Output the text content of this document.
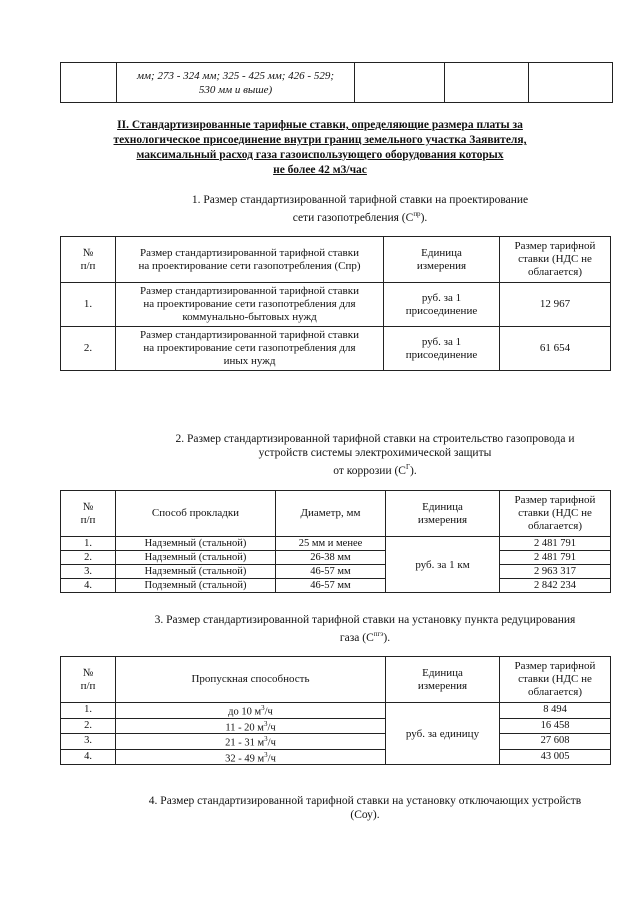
	мм; 273 - 324 мм; 325 - 425 мм; 426 - 529;
530 мм и выше)			
II. Стандартизированные тарифные ставки, определяющие размера платы за
технологическое присоединение внутри границ земельного участка Заявителя,
максимальный расход газа газоиспользующего оборудования которых
не более 42 м3/час
1. Размер стандартизированной тарифной ставки на проектирование
сети газопотребления $(С^{пр})$.
№
п/п	Размер стандартизированной тарифной ставки
на проектирование сети газопотребления (Спр)	Единица
измерения	Размер тарифной
ставки (НДС не
облагается)
1.	Размер стандартизированной тарифной ставки
на проектирование сети газопотребления для
коммунально-бытовых нужд	руб. за 1
присоединение	12 967
2.	Размер стандартизированной тарифной ставки
на проектирование сети газопотребления для
иных нужд	руб. за 1
присоединение	61 654
2. Размер стандартизированной тарифной ставки на строительство газопровода и
устройств системы электрохимической защиты
от коррозии $(С^Г)$.
№
п/п	Способ прокладки	Диаметр, мм	Единица
измерения	Размер тарифной
ставки (НДС не
облагается)
1.	Надземный (стальной)	25 мм и менее	руб. за 1 км	2 481 791
2.	Надземный (стальной)	26-38 мм		2 481 791
3.	Надземный (стальной)	46-57 мм		2 963 317
4.	Подземный (стальной)	46-57 мм		2 842 234
3. Размер стандартизированной тарифной ставки на установку пункта редуцирования
газа $(С^{пгэ})$.
№
п/п	Пропускная способность	Единица
измерения	Размер тарифной
ставки (НДС не
облагается)
1.	до 10 $м^3/ч$	руб. за единицу	8 494
2.	11 - 20 $м^3/ч$		16 458
3.	21 - 31 $м^3/ч$		27 608
4.	32 - 49 $м^3/ч$		43 005
4. Размер стандартизированной тарифной ставки на установку отключающих устройств
(Cоу).
